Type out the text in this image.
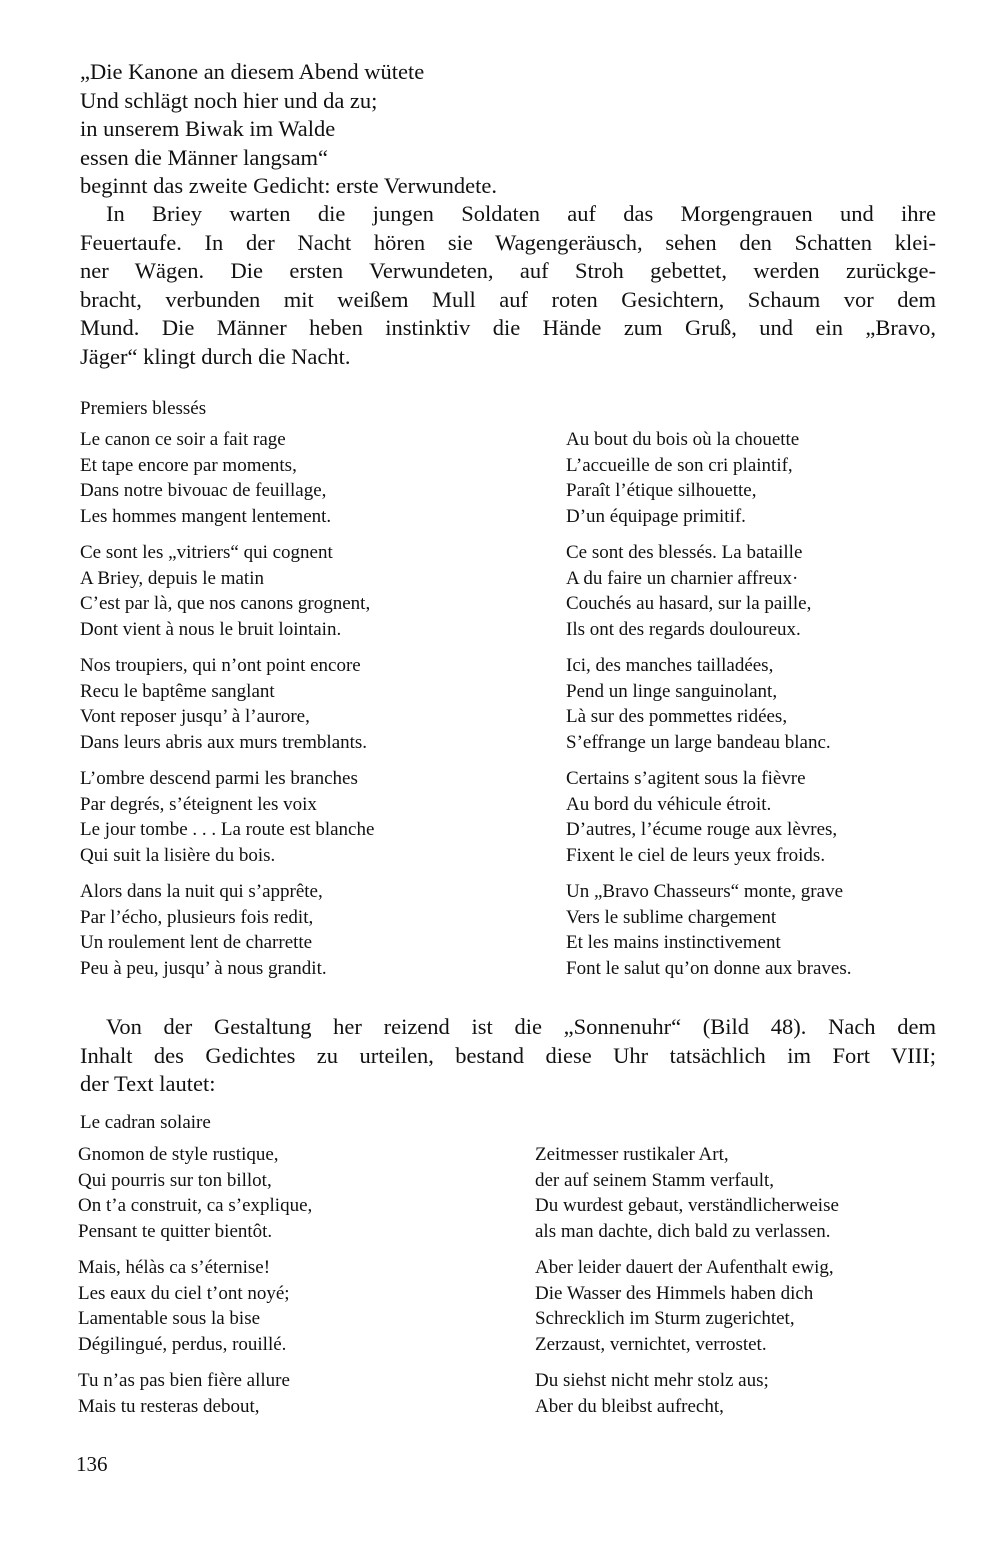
„Die Kanone an diesem Abend wütete
Und schlägt noch hier und da zu;
in unserem Biwak im Walde
essen die Männer langsam“
beginnt das zweite Gedicht: erste Verwundete.
In Briey warten die jungen Soldaten auf das Morgengrauen und ihre
Feuertaufe. In der Nacht hören sie Wagengeräusch, sehen den Schatten klei-
ner Wägen. Die ersten Verwundeten, auf Stroh gebettet, werden zurückge-
bracht, verbunden mit weißem Mull auf roten Gesichtern, Schaum vor dem
Mund. Die Männer heben instinktiv die Hände zum Gruß, und ein „Bravo,
Jäger“ klingt durch die Nacht.
Premiers blessés
Le canon ce soir a fait rage
Et tape encore par moments,
Dans notre bivouac de feuillage,
Les hommes mangent lentement.
Ce sont les „vitriers“ qui cognent
A Briey, depuis le matin
C’est par là, que nos canons grognent,
Dont vient à nous le bruit lointain.
Nos troupiers, qui n’ont point encore
Recu le baptême sanglant
Vont reposer jusqu’ à l’aurore,
Dans leurs abris aux murs tremblants.
L’ombre descend parmi les branches
Par degrés, s’éteignent les voix
Le jour tombe . . . La route est blanche
Qui suit la lisière du bois.
Alors dans la nuit qui s’apprête,
Par l’écho, plusieurs fois redit,
Un roulement lent de charrette
Peu à peu, jusqu’ à nous grandit.
Au bout du bois où la chouette
L’accueille de son cri plaintif,
Paraît l’étique silhouette,
D’un équipage primitif.
Ce sont des blessés. La bataille
A du faire un charnier affreux·
Couchés au hasard, sur la paille,
Ils ont des regards douloureux.
Ici, des manches tailladées,
Pend un linge sanguinolant,
Là sur des pommettes ridées,
S’effrange un large bandeau blanc.
Certains s’agitent sous la fièvre
Au bord du véhicule étroit.
D’autres, l’écume rouge aux lèvres,
Fixent le ciel de leurs yeux froids.
Un „Bravo Chasseurs“ monte, grave
Vers le sublime chargement
Et les mains instinctivement
Font le salut qu’on donne aux braves.
Von der Gestaltung her reizend ist die „Sonnenuhr“ (Bild 48). Nach dem
Inhalt des Gedichtes zu urteilen, bestand diese Uhr tatsächlich im Fort VIII;
der Text lautet:
Le cadran solaire
Gnomon de style rustique,
Qui pourris sur ton billot,
On t’a construit, ca s’explique,
Pensant te quitter bientôt.
Mais, hélàs ca s’éternise!
Les eaux du ciel t’ont noyé;
Lamentable sous la bise
Dégilingué, perdus, rouillé.
Tu n’as pas bien fière allure
Mais tu resteras debout,
Zeitmesser rustikaler Art,
der auf seinem Stamm verfault,
Du wurdest gebaut, verständlicherweise
als man dachte, dich bald zu verlassen.
Aber leider dauert der Aufenthalt ewig,
Die Wasser des Himmels haben dich
Schrecklich im Sturm zugerichtet,
Zerzaust, vernichtet, verrostet.
Du siehst nicht mehr stolz aus;
Aber du bleibst aufrecht,
136
